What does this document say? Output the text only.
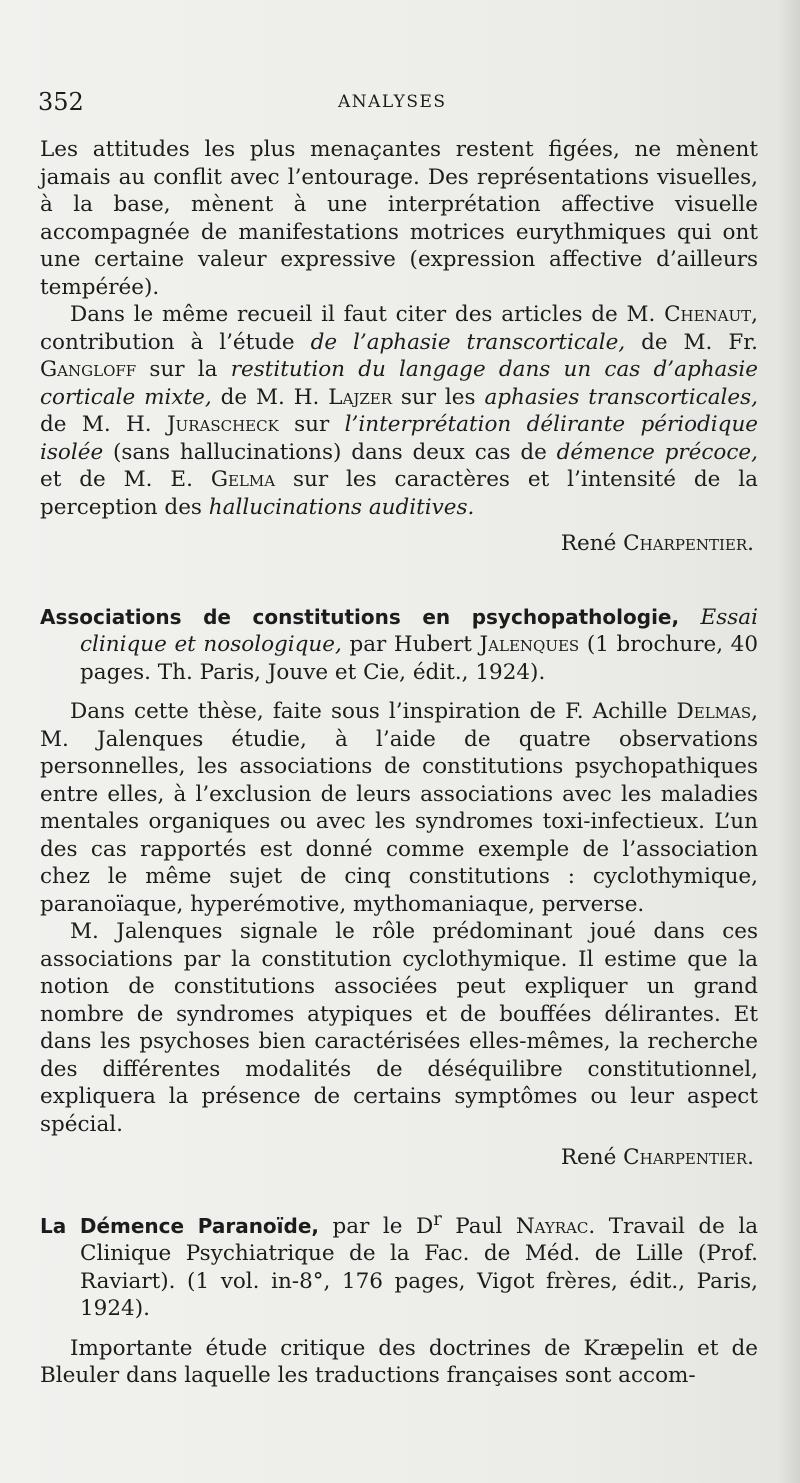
352	ANALYSES

Les attitudes les plus menaçantes restent figées, ne mènent jamais au conflit avec l’entourage. Des représentations visuelles, à la base, mènent à une interprétation affective visuelle accompagnée de manifestations motrices eurythmiques qui ont une certaine valeur expressive (expression affective d’ailleurs tempérée).

Dans le même recueil il faut citer des articles de M. Chenaut, contribution à l’étude de l’aphasie transcorticale, de M. Fr. Gangloff sur la restitution du langage dans un cas d’aphasie corticale mixte, de M. H. Lajzer sur les aphasies transcorticales, de M. H. Jurascheck sur l’interprétation délirante périodique isolée (sans hallucinations) dans deux cas de démence précoce, et de M. E. Gelma sur les caractères et l’intensité de la perception des hallucinations auditives.

René Charpentier.

Associations de constitutions en psychopathologie, Essai clinique et nosologique, par Hubert Jalenques (1 brochure, 40 pages. Th. Paris, Jouve et Cie, édit., 1924).

Dans cette thèse, faite sous l’inspiration de F. Achille Delmas, M. Jalenques étudie, à l’aide de quatre observations personnelles, les associations de constitutions psychopathiques entre elles, à l’exclusion de leurs associations avec les maladies mentales organiques ou avec les syndromes toxi-infectieux. L’un des cas rapportés est donné comme exemple de l’association chez le même sujet de cinq constitutions : cyclothymique, paranoïaque, hyperémotive, mythomaniaque, perverse.

M. Jalenques signale le rôle prédominant joué dans ces associations par la constitution cyclothymique. Il estime que la notion de constitutions associées peut expliquer un grand nombre de syndromes atypiques et de bouffées délirantes. Et dans les psychoses bien caractérisées elles-mêmes, la recherche des différentes modalités de déséquilibre constitutionnel, expliquera la présence de certains symptômes ou leur aspect spécial.

René Charpentier.

La Démence Paranoïde, par le $D^r$ Paul Nayrac. Travail de la Clinique Psychiatrique de la Fac. de Méd. de Lille (Prof. Raviart). (1 vol. in-8°, 176 pages, Vigot frères, édit., Paris, 1924).

Importante étude critique des doctrines de Kræpelin et de Bleuler dans laquelle les traductions françaises sont accom-
